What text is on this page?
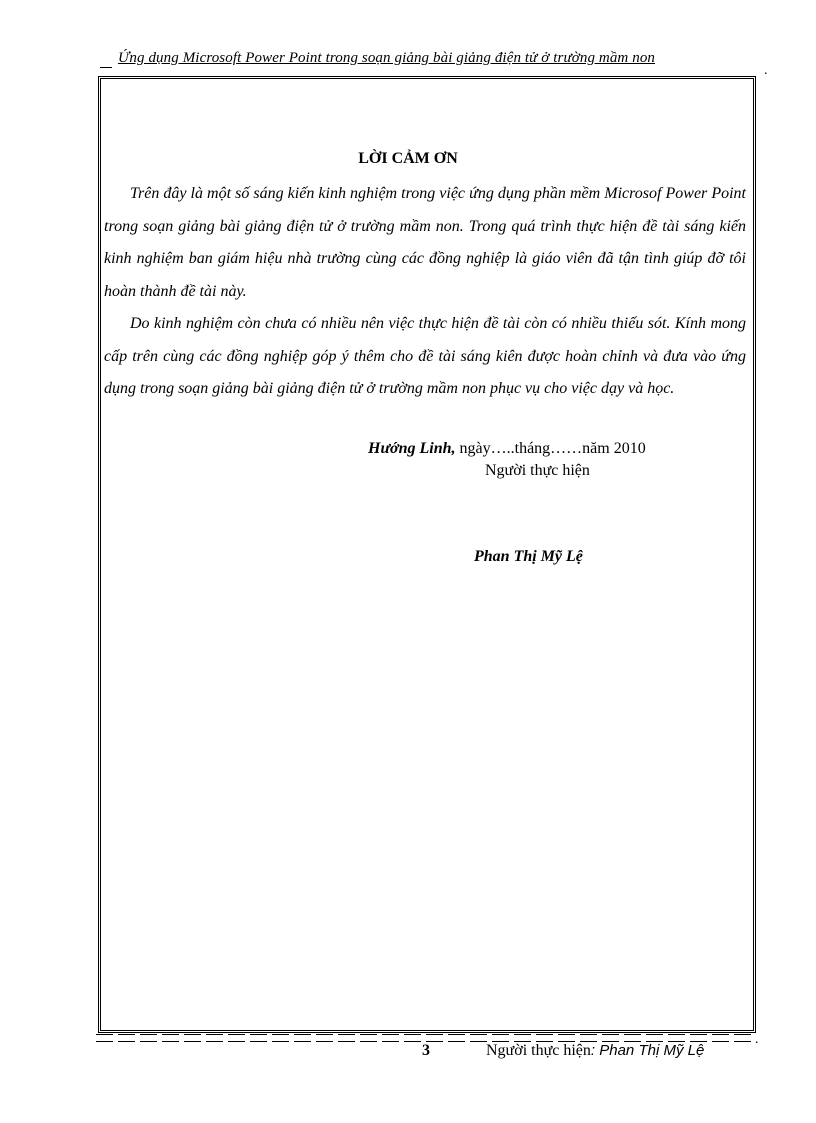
Ứng dụng Microsoft Power Point trong soạn giảng bài giảng điện tử ở trường mầm non
.
LỜI CẢM ƠN

Trên đây là một số sáng kiến kinh nghiệm trong việc ứng dụng phần mềm Microsof Power Point trong soạn giảng bài giảng điện tử ở trường mầm non. Trong quá trình thực hiện đề tài sáng kiến kinh nghiệm ban giám hiệu nhà trường cùng các đồng nghiệp là giáo viên đã tận tình giúp đỡ tôi hoàn thành đề tài này.

Do kinh nghiệm còn chưa có nhiều nên việc thực hiện đề tài còn có nhiều thiếu sót. Kính mong cấp trên cùng các đồng nghiệp góp ý thêm cho đề tài sáng kiên được hoàn chỉnh và đưa vào ứng dụng trong soạn giảng bài giảng điện tử ở trường mầm non phục vụ cho việc dạy và học.

Hướng Linh, ngày…..tháng……năm 2010
Người thực hiện
Phan Thị Mỹ Lệ
3	Người thực hiện: Phan Thị Mỹ Lệ
.
